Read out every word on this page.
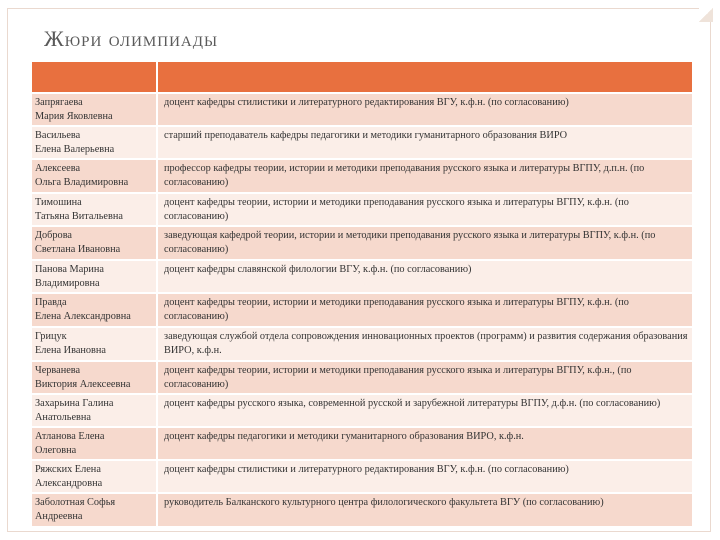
Жюри олимпиады

Запрягаева
Мария Яковлевна	доцент кафедры стилистики и литературного редактирования ВГУ, к.ф.н. (по согласованию)

Васильева
Елена Валерьевна	старший преподаватель кафедры педагогики и методики гуманитарного образования ВИРО

Алексеева
Ольга Владимировна	профессор кафедры теории, истории и методики преподавания русского языка и литературы ВГПУ, д.п.н. (по согласованию)

Тимошина
Татьяна Витальевна	доцент кафедры теории, истории и методики преподавания русского языка и литературы ВГПУ, к.ф.н. (по согласованию)

Доброва
Светлана Ивановна	заведующая кафедрой теории, истории и методики преподавания русского языка и литературы ВГПУ, к.ф.н. (по согласованию)

Панова Марина
Владимировна	доцент кафедры славянской филологии ВГУ, к.ф.н. (по согласованию)

Правда
Елена Александровна	доцент кафедры теории, истории и методики преподавания русского языка и литературы ВГПУ, к.ф.н. (по согласованию)

Грицук
Елена Ивановна	заведующая службой отдела сопровождения инновационных проектов (программ) и развития содержания образования ВИРО, к.ф.н.

Черванева
Виктория Алексеевна	доцент кафедры теории, истории и методики преподавания русского языка и литературы ВГПУ, к.ф.н., (по согласованию)

Захарьина Галина
Анатольевна	доцент кафедры русского языка, современной русской и зарубежной литературы ВГПУ, д.ф.н. (по согласованию)

Атланова Елена
Олеговна	доцент кафедры педагогики и методики гуманитарного образования ВИРО, к.ф.н.

Ряжских Елена
Александровна	доцент кафедры стилистики и литературного редактирования ВГУ, к.ф.н. (по согласованию)

Заболотная Софья
Андреевна	руководитель Балканского культурного центра филологического факультета ВГУ (по согласованию)
